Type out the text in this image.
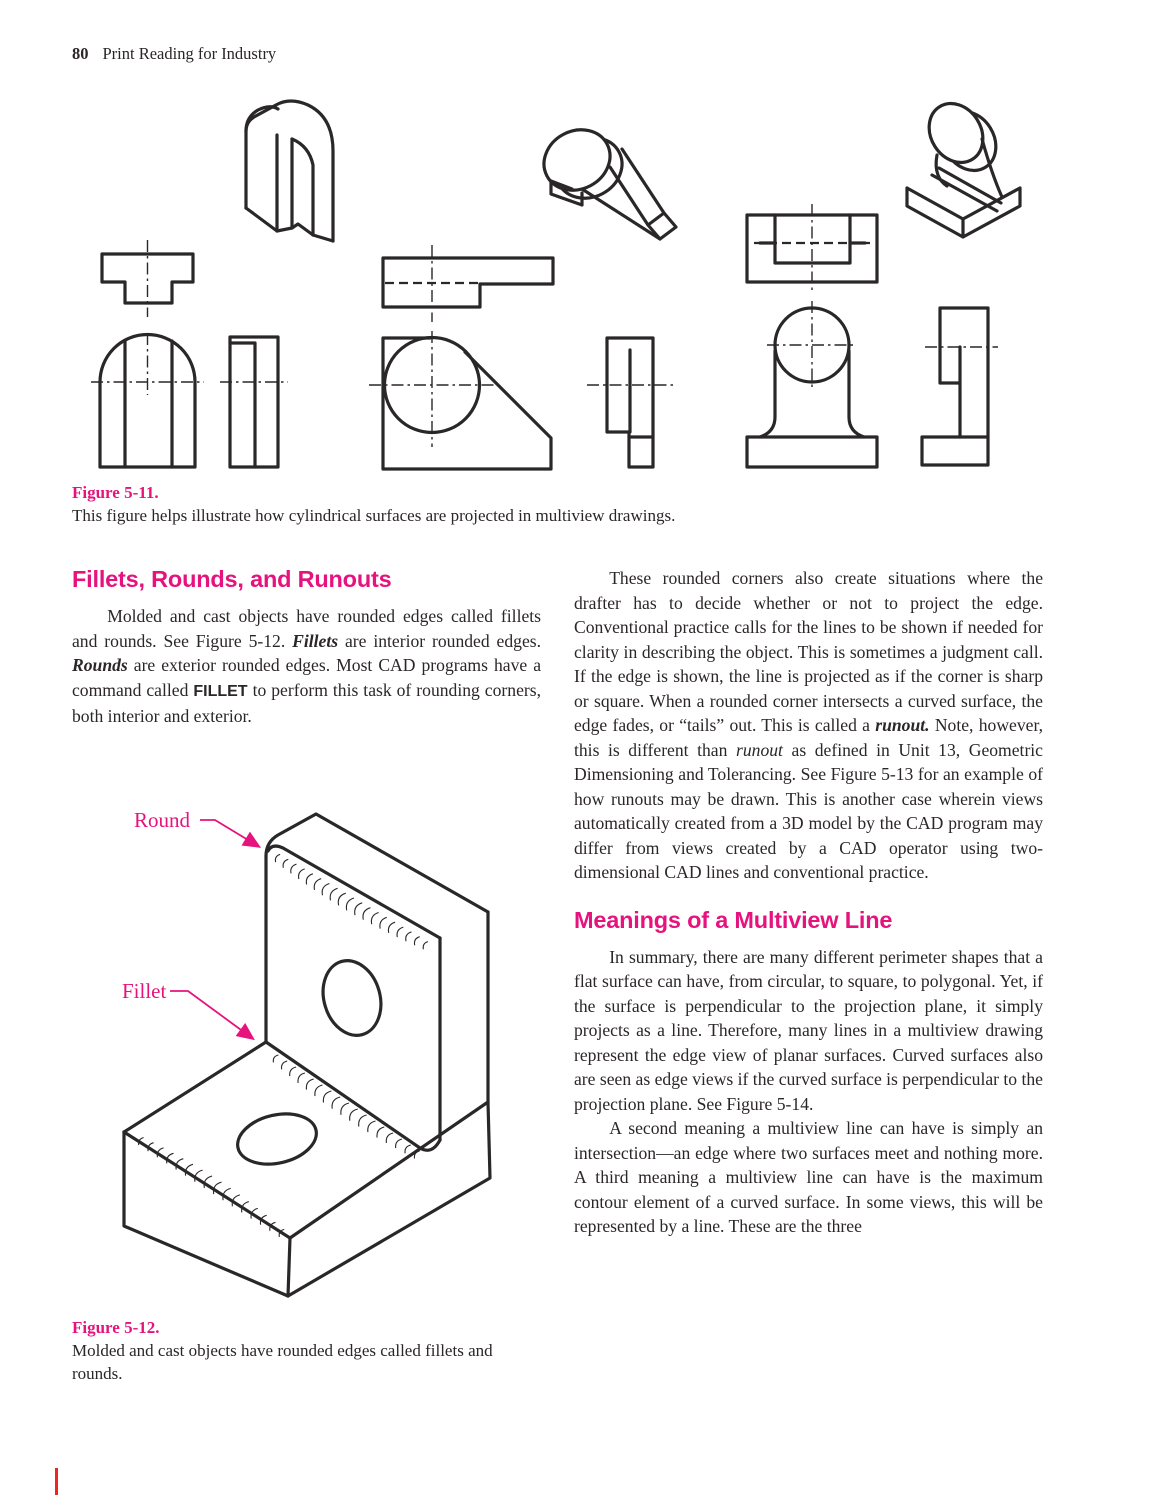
80 Print Reading for Industry
Figure 5-11.
This figure helps illustrate how cylindrical surfaces are projected in multiview drawings.
Fillets, Rounds, and Runouts

Molded and cast objects have rounded edges called fillets and rounds. See Figure 5-12. Fillets are interior rounded edges. Rounds are exterior rounded edges. Most CAD programs have a command called FILLET to perform this task of rounding corners, both interior and exterior.

Round
Fillet
Figure 5-12.
Molded and cast objects have rounded edges called fillets and rounds.

These rounded corners also create situations where the drafter has to decide whether or not to project the edge. Conventional practice calls for the lines to be shown if needed for clarity in describing the object. This is sometimes a judgment call. If the edge is shown, the line is projected as if the corner is sharp or square. When a rounded corner intersects a curved surface, the edge fades, or “tails” out. This is called a runout. Note, however, this is different than runout as defined in Unit 13, Geometric Dimensioning and Tolerancing. See Figure 5-13 for an example of how runouts may be drawn. This is another case wherein views automatically created from a 3D model by the CAD program may differ from views created by a CAD operator using two-dimensional CAD lines and conventional practice.

Meanings of a Multiview Line

In summary, there are many different perimeter shapes that a flat surface can have, from circular, to square, to polygonal. Yet, if the surface is perpendicular to the projection plane, it simply projects as a line. Therefore, many lines in a multiview drawing represent the edge view of planar surfaces. Curved surfaces also are seen as edge views if the curved surface is perpendicular to the projection plane. See Figure 5-14.

A second meaning a multiview line can have is simply an intersection—an edge where two surfaces meet and nothing more. A third meaning a multiview line can have is the maximum contour element of a curved surface. In some views, this will be represented by a line. These are the three
